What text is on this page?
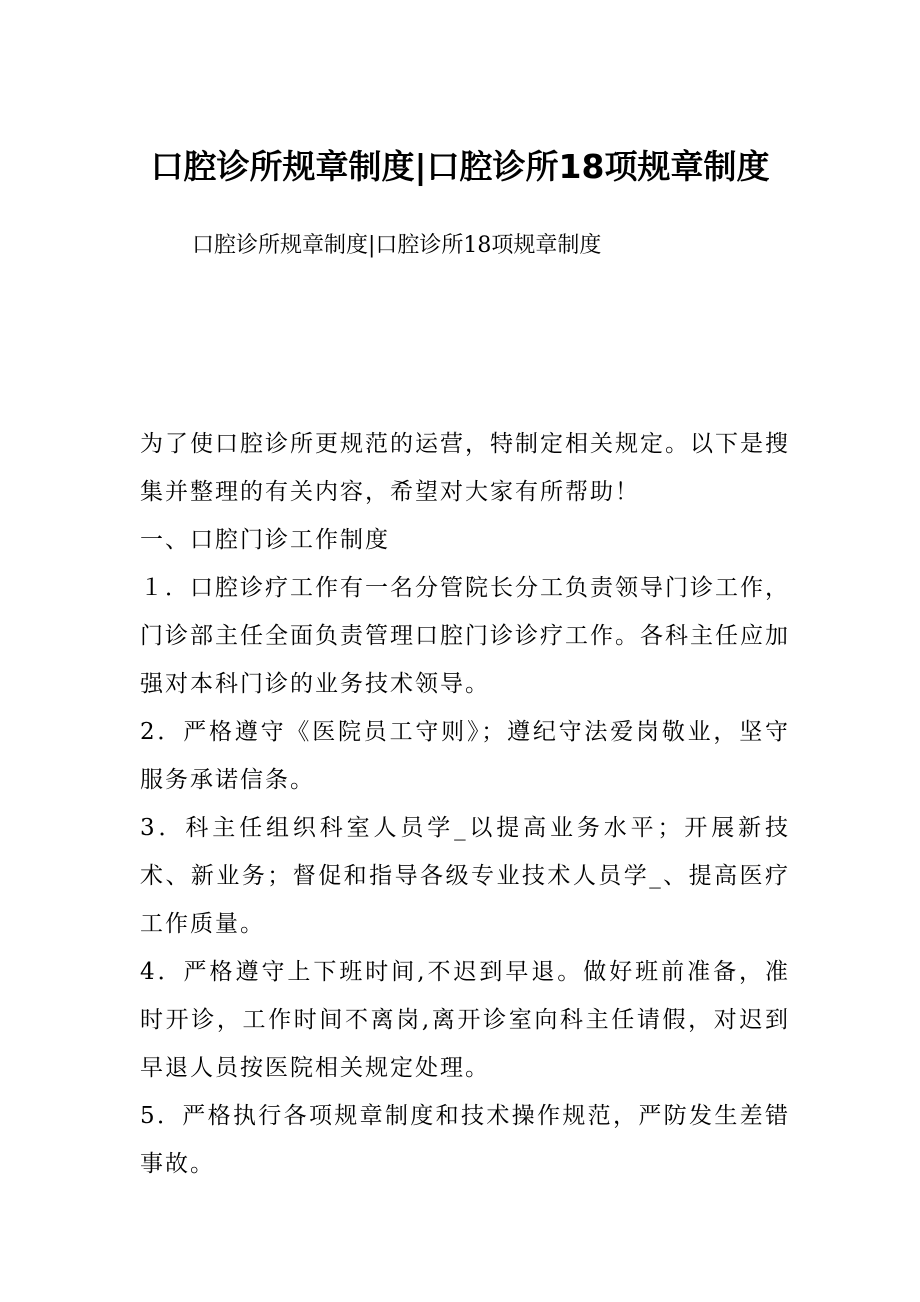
口腔诊所规章制度|口腔诊所18项规章制度
口腔诊所规章制度|口腔诊所18项规章制度

为了使口腔诊所更规范的运营，特制定相关规定。以下是搜集并整理的有关内容，希望对大家有所帮助！

一、口腔门诊工作制度

１．口腔诊疗工作有一名分管院长分工负责领导门诊工作，门诊部主任全面负责管理口腔门诊诊疗工作。各科主任应加强对本科门诊的业务技术领导。

2．严格遵守《医院员工守则》；遵纪守法爱岗敬业，坚守服务承诺信条。

3．科主任组织科室人员学_以提高业务水平；开展新技术、新业务；督促和指导各级专业技术人员学_、提高医疗工作质量。

4．严格遵守上下班时间,不迟到早退。做好班前准备，准时开诊，工作时间不离岗,离开诊室向科主任请假，对迟到早退人员按医院相关规定处理。

5．严格执行各项规章制度和技术操作规范，严防发生差错事故。
